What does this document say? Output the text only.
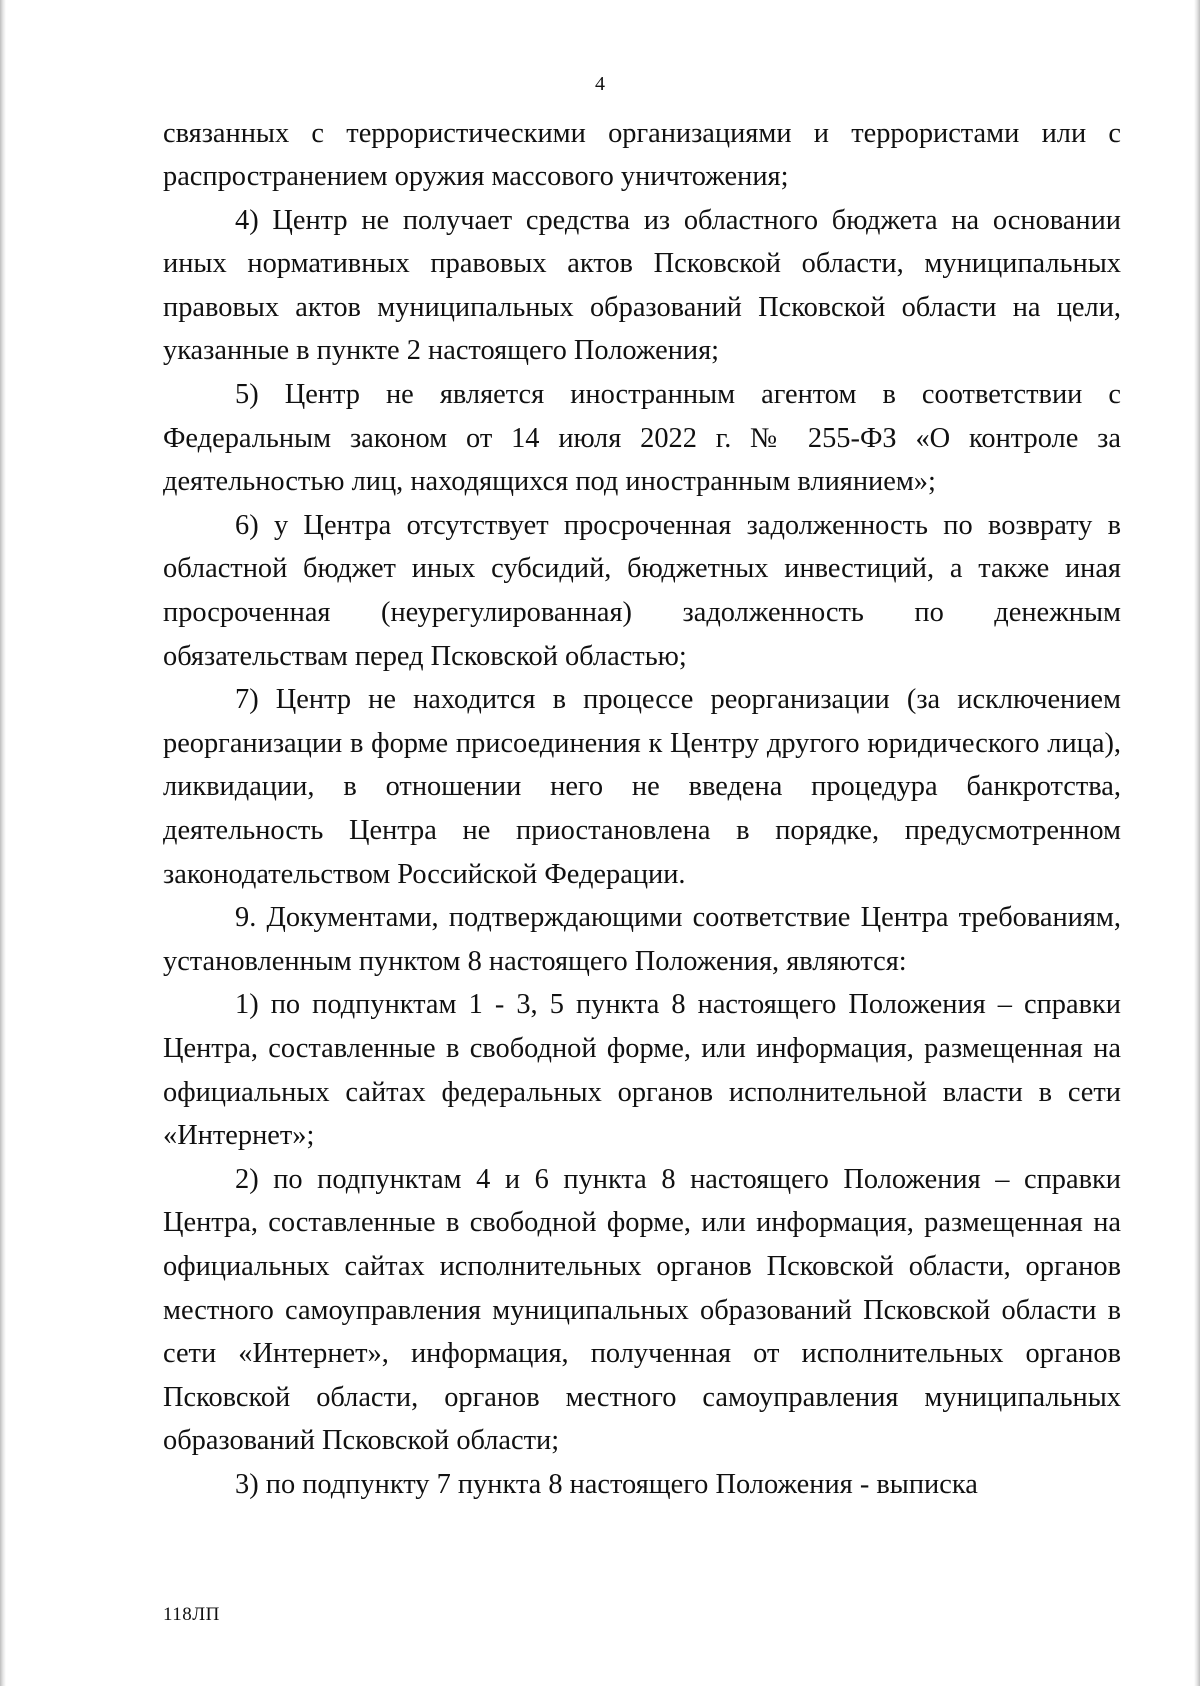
4

связанных с террористическими организациями и террористами или с распространением оружия массового уничтожения;

4) Центр не получает средства из областного бюджета на основании иных нормативных правовых актов Псковской области, муниципальных правовых актов муниципальных образований Псковской области на цели, указанные в пункте 2 настоящего Положения;

5) Центр не является иностранным агентом в соответствии с Федеральным законом от 14 июля 2022 г. № 255-ФЗ «О контроле за деятельностью лиц, находящихся под иностранным влиянием»;

6) у Центра отсутствует просроченная задолженность по возврату в областной бюджет иных субсидий, бюджетных инвестиций, а также иная просроченная (неурегулированная) задолженность по денежным обязательствам перед Псковской областью;

7) Центр не находится в процессе реорганизации (за исключением реорганизации в форме присоединения к Центру другого юридического лица), ликвидации, в отношении него не введена процедура банкротства, деятельность Центра не приостановлена в порядке, предусмотренном законодательством Российской Федерации.

9. Документами, подтверждающими соответствие Центра требованиям, установленным пунктом 8 настоящего Положения, являются:

1) по подпунктам 1 - 3, 5 пункта 8 настоящего Положения – справки Центра, составленные в свободной форме, или информация, размещенная на официальных сайтах федеральных органов исполнительной власти в сети «Интернет»;

2) по подпунктам 4 и 6 пункта 8 настоящего Положения – справки Центра, составленные в свободной форме, или информация, размещенная на официальных сайтах исполнительных органов Псковской области, органов местного самоуправления муниципальных образований Псковской области в сети «Интернет», информация, полученная от исполнительных органов Псковской области, органов местного самоуправления муниципальных образований Псковской области;

3) по подпункту 7 пункта 8 настоящего Положения - выписка

118ЛП
